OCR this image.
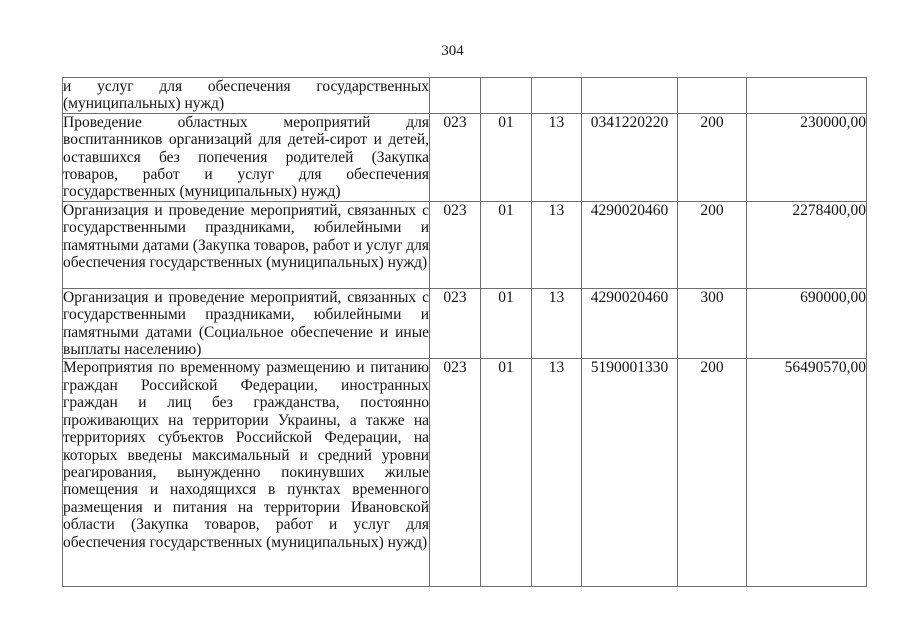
304
и услуг для обеспечения государственных (муниципальных) нужд)						
Проведение областных мероприятий для воспитанников организаций для детей-сирот и детей, оставшихся без попечения родителей (Закупка товаров, работ и услуг для обеспечения государственных (муниципальных) нужд)	023	01	13	0341220220	200	230000,00
Организация и проведение мероприятий, связанных с государственными праздниками, юбилейными и памятными датами (Закупка товаров, работ и услуг для обеспечения государственных (муниципальных) нужд)	023	01	13	4290020460	200	2278400,00
Организация и проведение мероприятий, связанных с государственными праздниками, юбилейными и памятными датами (Социальное обеспечение и иные выплаты населению)	023	01	13	4290020460	300	690000,00
Мероприятия по временному размещению и питанию граждан Российской Федерации, иностранных граждан и лиц без гражданства, постоянно проживающих на территории Украины, а также на территориях субъектов Российской Федерации, на которых введены максимальный и средний уровни реагирования, вынужденно покинувших жилые помещения и находящихся в пунктах временного размещения и питания на территории Ивановской области (Закупка товаров, работ и услуг для обеспечения государственных (муниципальных) нужд)	023	01	13	5190001330	200	56490570,00
